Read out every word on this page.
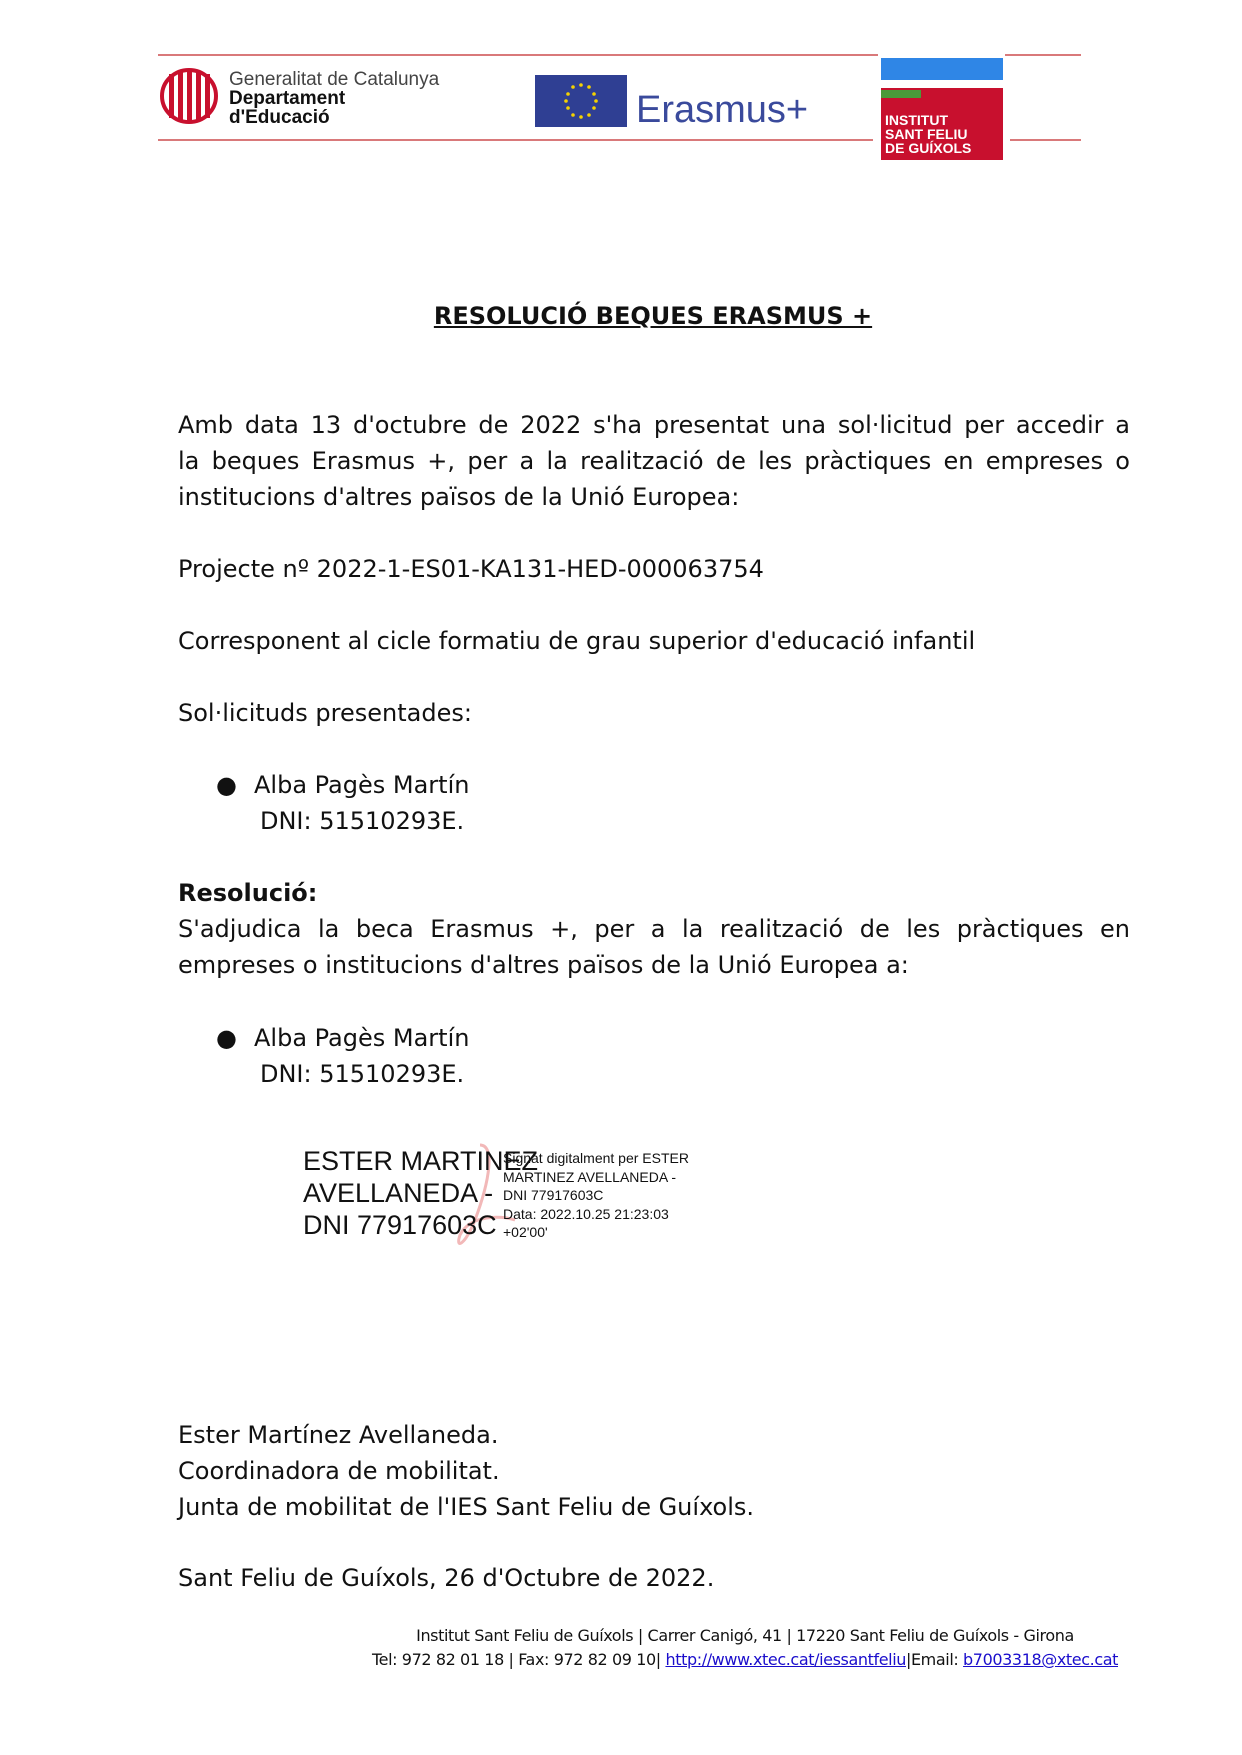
Generalitat de Catalunya
Departament
d'Educació	Erasmus+	INSTITUT
SANT FELIU
DE GUÍXOLS
RESOLUCIÓ BEQUES ERASMUS +
Amb data 13 d'octubre de 2022 s'ha presentat una sol·licitud per accedir a
la beques Erasmus +, per a la realització de les pràctiques en empreses o
institucions d'altres països de la Unió Europea:
Projecte nº 2022-1-ES01-KA131-HED-000063754
Corresponent al cicle formatiu de grau superior d'educació infantil
Sol·licituds presentades:
● Alba Pagès Martín
DNI: 51510293E.
Resolució:
S'adjudica la beca Erasmus +, per a la realització de les pràctiques en
empreses o institucions d'altres països de la Unió Europea a:
● Alba Pagès Martín
DNI: 51510293E.
ESTER MARTINEZ
AVELLANEDA -
DNI 77917603C
Signat digitalment per ESTER
MARTINEZ AVELLANEDA -
DNI 77917603C
Data: 2022.10.25 21:23:03
+02'00'
Ester Martínez Avellaneda.
Coordinadora de mobilitat.
Junta de mobilitat de l'IES Sant Feliu de Guíxols.
Sant Feliu de Guíxols, 26 d'Octubre de 2022.
Institut Sant Feliu de Guíxols | Carrer Canigó, 41 | 17220 Sant Feliu de Guíxols - Girona
Tel: 972 82 01 18 | Fax: 972 82 09 10| http://www.xtec.cat/iessantfeliu|Email: b7003318@xtec.cat
